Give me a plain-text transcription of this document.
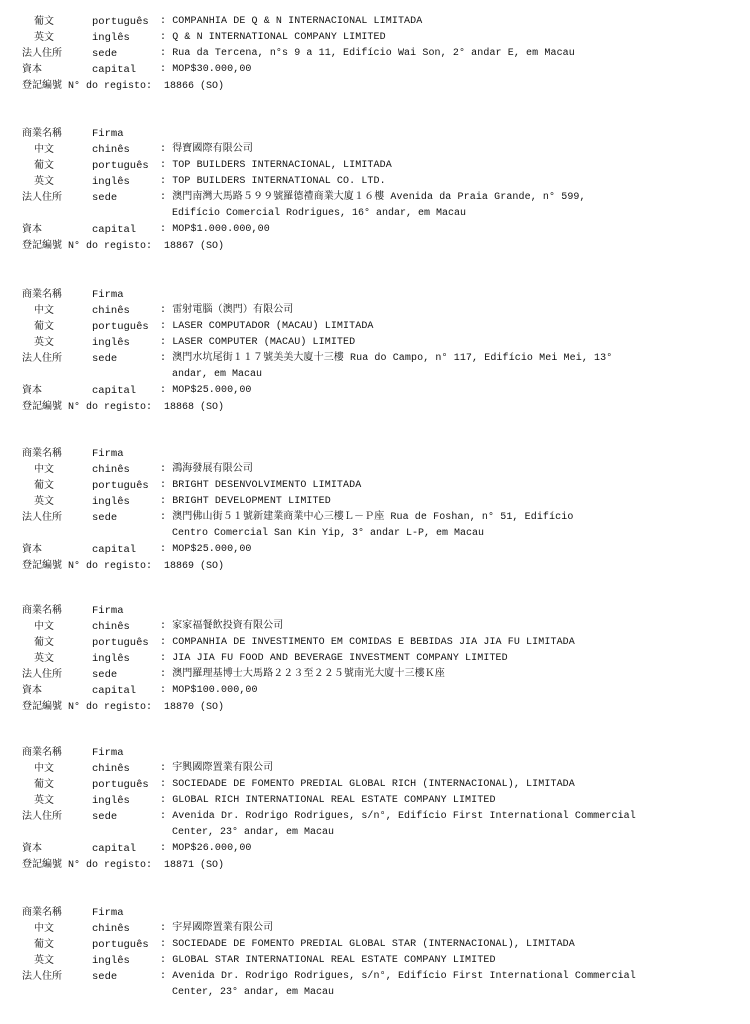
葡文	português : COMPANHIA DE Q & N INTERNACIONAL LIMITADA
英文	inglês	: Q & N INTERNATIONAL COMPANY LIMITED
法人住所	sede	: Rua da Tercena, n°s 9 a 11, Edifício Wai Son, 2° andar E, em Macau
資本	capital : MOP$30.000,00
登記編號 N° do registo: 18866 (SO)
商業名稱	Firma
中文	chinês	: 得寶國際有限公司
葡文	português : TOP BUILDERS INTERNACIONAL, LIMITADA
英文	inglês	: TOP BUILDERS INTERNATIONAL CO. LTD.
法人住所	sede	: 澳門南灣大馬路５９９號羅德禮商業大廈１６樓 Avenida da Praia Grande, n° 599,
Edifício Comercial Rodrigues, 16° andar, em Macau
資本	capital : MOP$1.000.000,00
登記編號 N° do registo: 18867 (SO)
商業名稱	Firma
中文	chinês	: 雷射電腦（澳門）有限公司
葡文	português : LASER COMPUTADOR (MACAU) LIMITADA
英文	inglês	: LASER COMPUTER (MACAU) LIMITED
法人住所	sede	: 澳門水坑尾街１１７號美美大廈十三樓 Rua do Campo, n° 117, Edifício Mei Mei, 13°
andar, em Macau
資本	capital : MOP$25.000,00
登記編號 N° do registo: 18868 (SO)
商業名稱	Firma
中文	chinês	: 鴻海發展有限公司
葡文	português : BRIGHT DESENVOLVIMENTO LIMITADA
英文	inglês	: BRIGHT DEVELOPMENT LIMITED
法人住所	sede	: 澳門佛山街５１號新建業商業中心三樓Ｌ－Ｐ座 Rua de Foshan, n° 51, Edifício
Centro Comercial San Kin Yip, 3° andar L-P, em Macau
資本	capital : MOP$25.000,00
登記編號 N° do registo: 18869 (SO)
商業名稱	Firma
中文	chinês	: 家家福餐飲投資有限公司
葡文	português : COMPANHIA DE INVESTIMENTO EM COMIDAS E BEBIDAS JIA JIA FU LIMITADA
英文	inglês	: JIA JIA FU FOOD AND BEVERAGE INVESTMENT COMPANY LIMITED
法人住所	sede	: 澳門羅理基博士大馬路２２３至２２５號南光大廈十三樓Ｋ座
資本	capital : MOP$100.000,00
登記編號 N° do registo: 18870 (SO)
商業名稱	Firma
中文	chinês	: 宇興國際置業有限公司
葡文	português : SOCIEDADE DE FOMENTO PREDIAL GLOBAL RICH (INTERNACIONAL), LIMITADA
英文	inglês	: GLOBAL RICH INTERNATIONAL REAL ESTATE COMPANY LIMITED
法人住所	sede	: Avenida Dr. Rodrigo Rodrigues, s/n°, Edifício First International Commercial
Center, 23° andar, em Macau
資本	capital : MOP$26.000,00
登記編號 N° do registo: 18871 (SO)
商業名稱	Firma
中文	chinês	: 宇昇國際置業有限公司
葡文	português : SOCIEDADE DE FOMENTO PREDIAL GLOBAL STAR (INTERNACIONAL), LIMITADA
英文	inglês	: GLOBAL STAR INTERNATIONAL REAL ESTATE COMPANY LIMITED
法人住所	sede	: Avenida Dr. Rodrigo Rodrigues, s/n°, Edifício First International Commercial
Center, 23° andar, em Macau
